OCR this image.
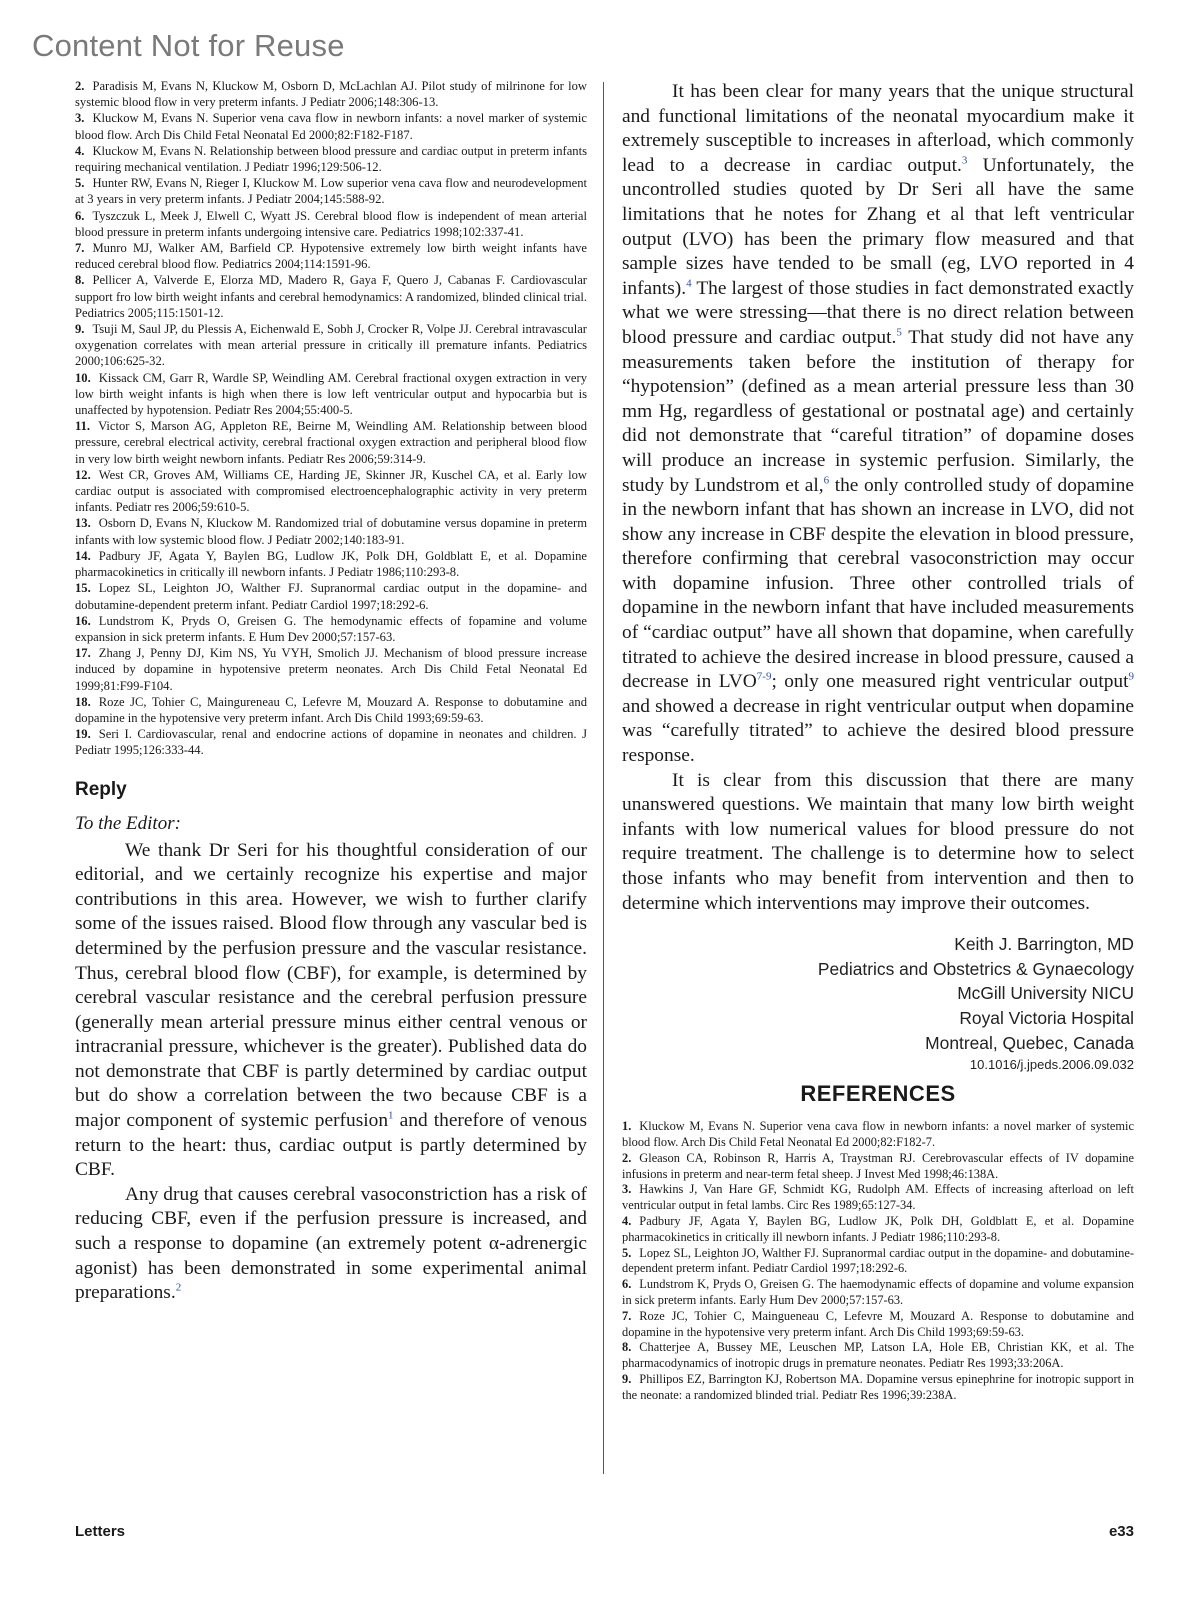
Content Not for Reuse

2. Paradisis M, Evans N, Kluckow M, Osborn D, McLachlan AJ. Pilot study of milrinone for low systemic blood flow in very preterm infants. J Pediatr 2006;148:306-13.

3. Kluckow M, Evans N. Superior vena cava flow in newborn infants: a novel marker of systemic blood flow. Arch Dis Child Fetal Neonatal Ed 2000;82:F182-F187.

4. Kluckow M, Evans N. Relationship between blood pressure and cardiac output in preterm infants requiring mechanical ventilation. J Pediatr 1996;129:506-12.

5. Hunter RW, Evans N, Rieger I, Kluckow M. Low superior vena cava flow and neurodevelopment at 3 years in very preterm infants. J Pediatr 2004;145:588-92.

6. Tyszczuk L, Meek J, Elwell C, Wyatt JS. Cerebral blood flow is independent of mean arterial blood pressure in preterm infants undergoing intensive care. Pediatrics 1998;102:337-41.

7. Munro MJ, Walker AM, Barfield CP. Hypotensive extremely low birth weight infants have reduced cerebral blood flow. Pediatrics 2004;114:1591-96.

8. Pellicer A, Valverde E, Elorza MD, Madero R, Gaya F, Quero J, Cabanas F. Cardiovascular support fro low birth weight infants and cerebral hemodynamics: A randomized, blinded clinical trial. Pediatrics 2005;115:1501-12.

9. Tsuji M, Saul JP, du Plessis A, Eichenwald E, Sobh J, Crocker R, Volpe JJ. Cerebral intravascular oxygenation correlates with mean arterial pressure in critically ill premature infants. Pediatrics 2000;106:625-32.

10. Kissack CM, Garr R, Wardle SP, Weindling AM. Cerebral fractional oxygen extraction in very low birth weight infants is high when there is low left ventricular output and hypocarbia but is unaffected by hypotension. Pediatr Res 2004;55:400-5.

11. Victor S, Marson AG, Appleton RE, Beirne M, Weindling AM. Relationship between blood pressure, cerebral electrical activity, cerebral fractional oxygen extraction and peripheral blood flow in very low birth weight newborn infants. Pediatr Res 2006;59:314-9.

12. West CR, Groves AM, Williams CE, Harding JE, Skinner JR, Kuschel CA, et al. Early low cardiac output is associated with compromised electroencephalographic activity in very preterm infants. Pediatr res 2006;59:610-5.

13. Osborn D, Evans N, Kluckow M. Randomized trial of dobutamine versus dopamine in preterm infants with low systemic blood flow. J Pediatr 2002;140:183-91.

14. Padbury JF, Agata Y, Baylen BG, Ludlow JK, Polk DH, Goldblatt E, et al. Dopamine pharmacokinetics in critically ill newborn infants. J Pediatr 1986;110:293-8.

15. Lopez SL, Leighton JO, Walther FJ. Supranormal cardiac output in the dopamine- and dobutamine-dependent preterm infant. Pediatr Cardiol 1997;18:292-6.

16. Lundstrom K, Pryds O, Greisen G. The hemodynamic effects of fopamine and volume expansion in sick preterm infants. E Hum Dev 2000;57:157-63.

17. Zhang J, Penny DJ, Kim NS, Yu VYH, Smolich JJ. Mechanism of blood pressure increase induced by dopamine in hypotensive preterm neonates. Arch Dis Child Fetal Neonatal Ed 1999;81:F99-F104.

18. Roze JC, Tohier C, Maingureneau C, Lefevre M, Mouzard A. Response to dobutamine and dopamine in the hypotensive very preterm infant. Arch Dis Child 1993;69:59-63.

19. Seri I. Cardiovascular, renal and endocrine actions of dopamine in neonates and children. J Pediatr 1995;126:333-44.

Reply

To the Editor:

We thank Dr Seri for his thoughtful consideration of our editorial, and we certainly recognize his expertise and major contributions in this area. However, we wish to further clarify some of the issues raised. Blood flow through any vascular bed is determined by the perfusion pressure and the vascular resistance. Thus, cerebral blood flow (CBF), for example, is determined by cerebral vascular resistance and the cerebral perfusion pressure (generally mean arterial pressure minus either central venous or intracranial pressure, whichever is the greater). Published data do not demonstrate that CBF is partly determined by cardiac output but do show a correlation between the two because CBF is a major component of systemic perfusion$^1$ and therefore of venous return to the heart: thus, cardiac output is partly determined by CBF.

Any drug that causes cerebral vasoconstriction has a risk of reducing CBF, even if the perfusion pressure is increased, and such a response to dopamine (an extremely potent α-adrenergic agonist) has been demonstrated in some experimental animal preparations.$^2$

It has been clear for many years that the unique structural and functional limitations of the neonatal myocardium make it extremely susceptible to increases in afterload, which commonly lead to a decrease in cardiac output.$^3$ Unfortunately, the uncontrolled studies quoted by Dr Seri all have the same limitations that he notes for Zhang et al that left ventricular output (LVO) has been the primary flow measured and that sample sizes have tended to be small (eg, LVO reported in 4 infants).$^4$ The largest of those studies in fact demonstrated exactly what we were stressing—that there is no direct relation between blood pressure and cardiac output.$^5$ That study did not have any measurements taken before the institution of therapy for “hypotension” (defined as a mean arterial pressure less than 30 mm Hg, regardless of gestational or postnatal age) and certainly did not demonstrate that “careful titration” of dopamine doses will produce an increase in systemic perfusion. Similarly, the study by Lundstrom et al,$^6$ the only controlled study of dopamine in the newborn infant that has shown an increase in LVO, did not show any increase in CBF despite the elevation in blood pressure, therefore confirming that cerebral vasoconstriction may occur with dopamine infusion. Three other controlled trials of dopamine in the newborn infant that have included measurements of “cardiac output” have all shown that dopamine, when carefully titrated to achieve the desired increase in blood pressure, caused a decrease in LVO$^{7-9}$; only one measured right ventricular output$^9$ and showed a decrease in right ventricular output when dopamine was “carefully titrated” to achieve the desired blood pressure response.

It is clear from this discussion that there are many unanswered questions. We maintain that many low birth weight infants with low numerical values for blood pressure do not require treatment. The challenge is to determine how to select those infants who may benefit from intervention and then to determine which interventions may improve their outcomes.

Keith J. Barrington, MD
Pediatrics and Obstetrics & Gynaecology
McGill University NICU
Royal Victoria Hospital
Montreal, Quebec, Canada
10.1016/j.jpeds.2006.09.032
REFERENCES

1. Kluckow M, Evans N. Superior vena cava flow in newborn infants: a novel marker of systemic blood flow. Arch Dis Child Fetal Neonatal Ed 2000;82:F182-7.

2. Gleason CA, Robinson R, Harris A, Traystman RJ. Cerebrovascular effects of IV dopamine infusions in preterm and near-term fetal sheep. J Invest Med 1998;46:138A.

3. Hawkins J, Van Hare GF, Schmidt KG, Rudolph AM. Effects of increasing afterload on left ventricular output in fetal lambs. Circ Res 1989;65:127-34.

4. Padbury JF, Agata Y, Baylen BG, Ludlow JK, Polk DH, Goldblatt E, et al. Dopamine pharmacokinetics in critically ill newborn infants. J Pediatr 1986;110:293-8.

5. Lopez SL, Leighton JO, Walther FJ. Supranormal cardiac output in the dopamine- and dobutamine-dependent preterm infant. Pediatr Cardiol 1997;18:292-6.

6. Lundstrom K, Pryds O, Greisen G. The haemodynamic effects of dopamine and volume expansion in sick preterm infants. Early Hum Dev 2000;57:157-63.

7. Roze JC, Tohier C, Maingueneau C, Lefevre M, Mouzard A. Response to dobutamine and dopamine in the hypotensive very preterm infant. Arch Dis Child 1993;69:59-63.

8. Chatterjee A, Bussey ME, Leuschen MP, Latson LA, Hole EB, Christian KK, et al. The pharmacodynamics of inotropic drugs in premature neonates. Pediatr Res 1993;33:206A.

9. Phillipos EZ, Barrington KJ, Robertson MA. Dopamine versus epinephrine for inotropic support in the neonate: a randomized blinded trial. Pediatr Res 1996;39:238A.

Letters	e33
